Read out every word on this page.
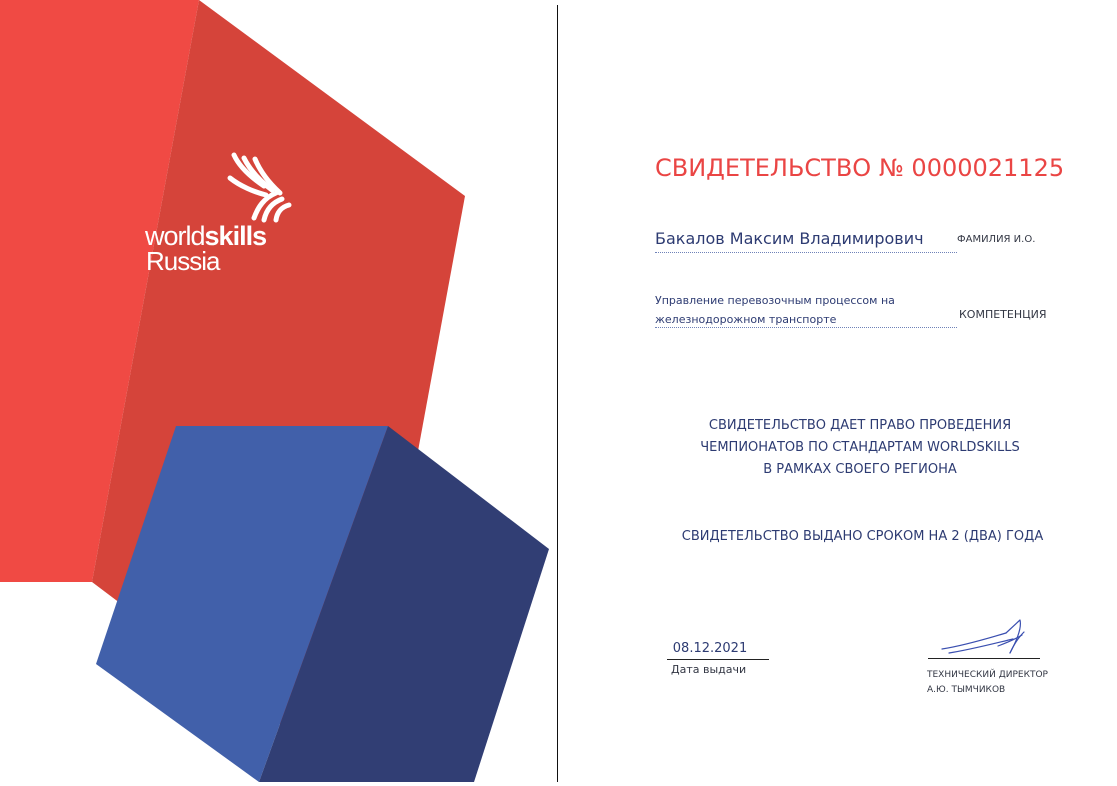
worldskills
Russia
СВИДЕТЕЛЬСТВО № 0000021125
Бакалов Максим Владимирович	ФАМИЛИЯ И.О.
Управление перевозочным процессом на железнодорожном транспорте	КОМПЕТЕНЦИЯ
СВИДЕТЕЛЬСТВО ДАЕТ ПРАВО ПРОВЕДЕНИЯ
ЧЕМПИОНАТОВ ПО СТАНДАРТАМ WORLDSKILLS
В РАМКАХ СВОЕГО РЕГИОНА
СВИДЕТЕЛЬСТВО ВЫДАНО СРОКОМ НА 2 (ДВА) ГОДА
08.12.2021
Дата выдачи	ТЕХНИЧЕСКИЙ ДИРЕКТОР
А.Ю. ТЫМЧИКОВ
